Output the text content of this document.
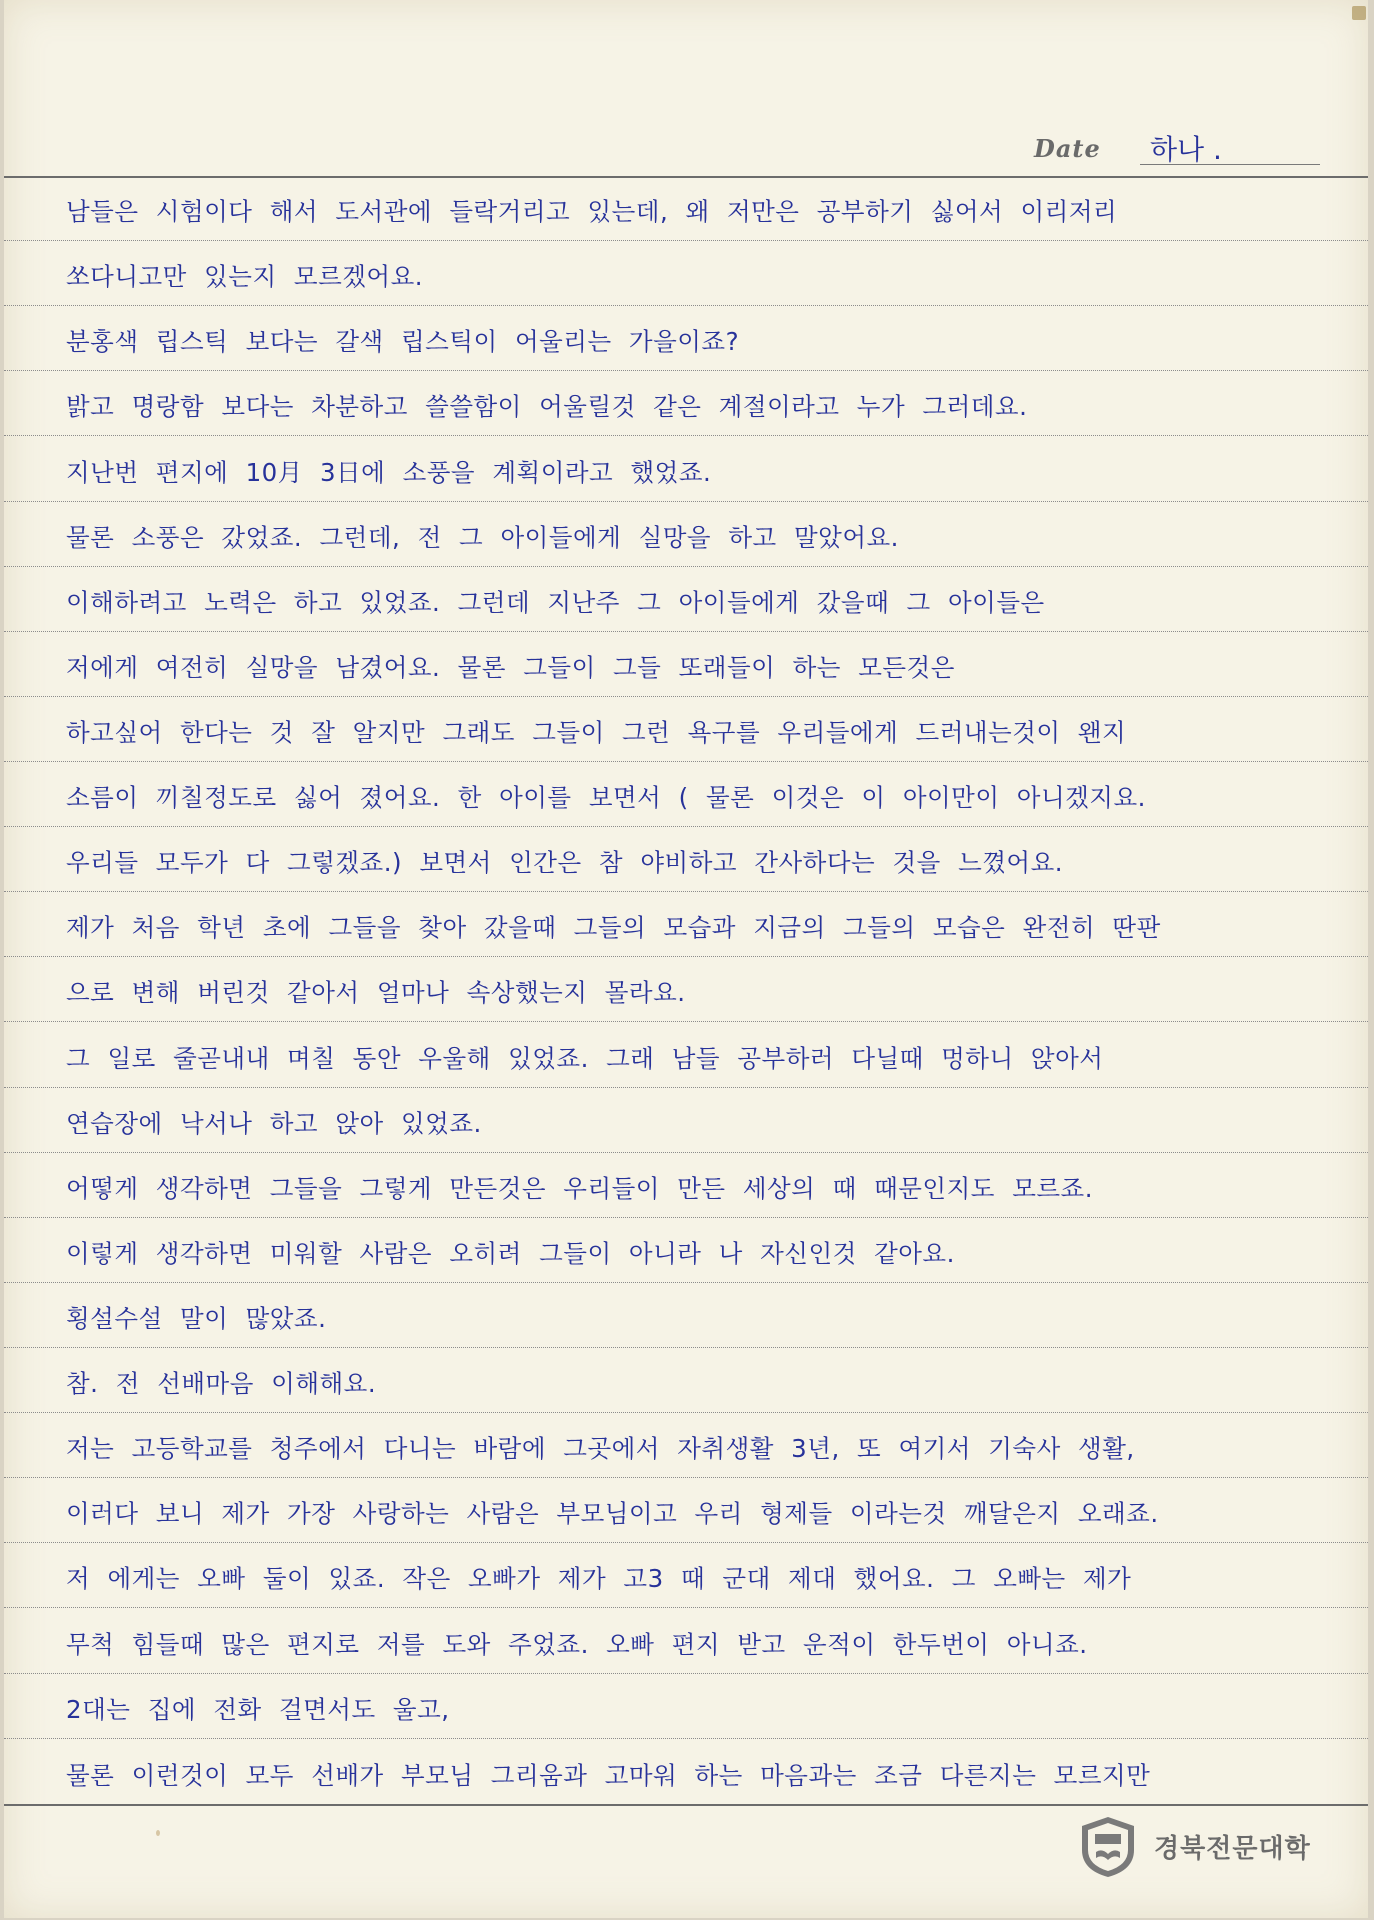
Date 하나 .
남들은 시험이다 해서 도서관에 들락거리고 있는데, 왜 저만은 공부하기 싫어서 이리저리
쏘다니고만 있는지 모르겠어요.
분홍색 립스틱 보다는 갈색 립스틱이 어울리는 가을이죠?
밝고 명랑함 보다는 차분하고 쓸쓸함이 어울릴것 같은 계절이라고 누가 그러데요.
지난번 편지에 10月 3日에 소풍을 계획이라고 했었죠.
물론 소풍은 갔었죠. 그런데, 전 그 아이들에게 실망을 하고 말았어요.
이해하려고 노력은 하고 있었죠. 그런데 지난주 그 아이들에게 갔을때 그 아이들은
저에게 여전히 실망을 남겼어요. 물론 그들이 그들 또래들이 하는 모든것은
하고싶어 한다는 것 잘 알지만 그래도 그들이 그런 욕구를 우리들에게 드러내는것이 왠지
소름이 끼칠정도로 싫어 졌어요. 한 아이를 보면서 ( 물론 이것은 이 아이만이 아니겠지요.
우리들 모두가 다 그렇겠죠.) 보면서 인간은 참 야비하고 간사하다는 것을 느꼈어요.
제가 처음 학년 초에 그들을 찾아 갔을때 그들의 모습과 지금의 그들의 모습은 완전히 딴판
으로 변해 버린것 같아서 얼마나 속상했는지 몰라요.
그 일로 줄곧내내 며칠 동안 우울해 있었죠. 그래 남들 공부하러 다닐때 멍하니 앉아서
연습장에 낙서나 하고 앉아 있었죠.
어떻게 생각하면 그들을 그렇게 만든것은 우리들이 만든 세상의 때 때문인지도 모르죠.
이렇게 생각하면 미워할 사람은 오히려 그들이 아니라 나 자신인것 같아요.
횡설수설 말이 많았죠.
참. 전 선배마음 이해해요.
저는 고등학교를 청주에서 다니는 바람에 그곳에서 자취생활 3년, 또 여기서 기숙사 생활,
이러다 보니 제가 가장 사랑하는 사람은 부모님이고 우리 형제들 이라는것 깨달은지 오래죠.
저 에게는 오빠 둘이 있죠. 작은 오빠가 제가 고3 때 군대 제대 했어요. 그 오빠는 제가
무척 힘들때 많은 편지로 저를 도와 주었죠. 오빠 편지 받고 운적이 한두번이 아니죠.
2대는 집에 전화 걸면서도 울고,
물론 이런것이 모두 선배가 부모님 그리움과 고마워 하는 마음과는 조금 다른지는 모르지만
경북전문대학
